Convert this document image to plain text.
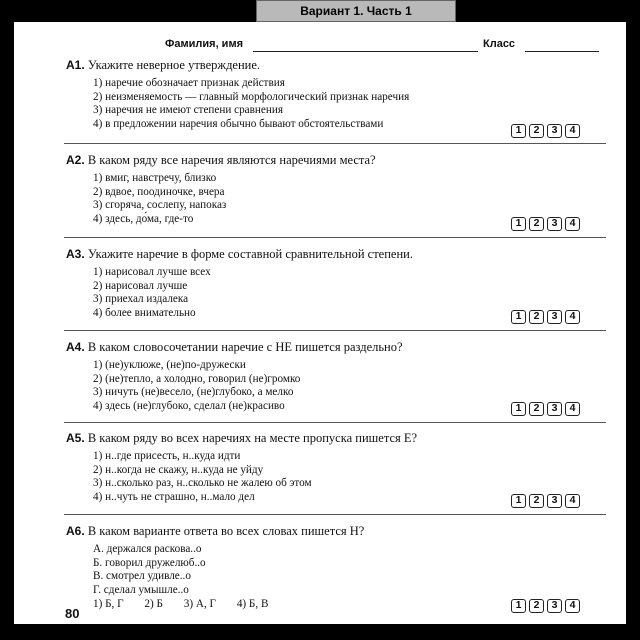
Вариант 1. Часть 1
Фамилия, имя	Класс
А1. Укажите неверное утверждение.
1) наречие обозначает признак действия
2) неизменяемость — главный морфологический признак наречия
3) наречия не имеют степени сравнения
4) в предложении наречия обычно бывают обстоятельствами
1	2	3	4
А2. В каком ряду все наречия являются наречиями места?
1) вмиг, навстречу, близко
2) вдвое, поодиночке, вчера
3) сгоряча, сослепу, напоказ
4) здесь, до́ма, где-то	1	2	3	4
А3. Укажите наречие в форме составной сравнительной степени.
1) нарисовал лучше всех
2) нарисовал лучше
3) приехал издалека
4) более внимательно	1	2	3	4
А4. В каком словосочетании наречие с НЕ пишется раздельно?
1) (не)уклюже, (не)по-дружески
2) (не)тепло, а холодно, говорил (не)громко
3) ничуть (не)весело, (не)глубоко, а мелко
4) здесь (не)глубоко, сделал (не)красиво	1	2	3	4
А5. В каком ряду во всех наречиях на месте пропуска пишется Е?
1) н..где присесть, н..куда идти
2) н..когда не скажу, н..куда не уйду
3) н..сколько раз, н..сколько не жалею об этом
4) н..чуть не страшно, н..мало дел	1	2	3	4
А6. В каком варианте ответа во всех словах пишется Н?
А. держался раскова..о
Б. говорил дружелюб..о
В. смотрел удивле..о
Г. сделал умышле..о
1) Б, Г 2) Б 3) А, Г 4) Б, В	1	2	3	4
80
